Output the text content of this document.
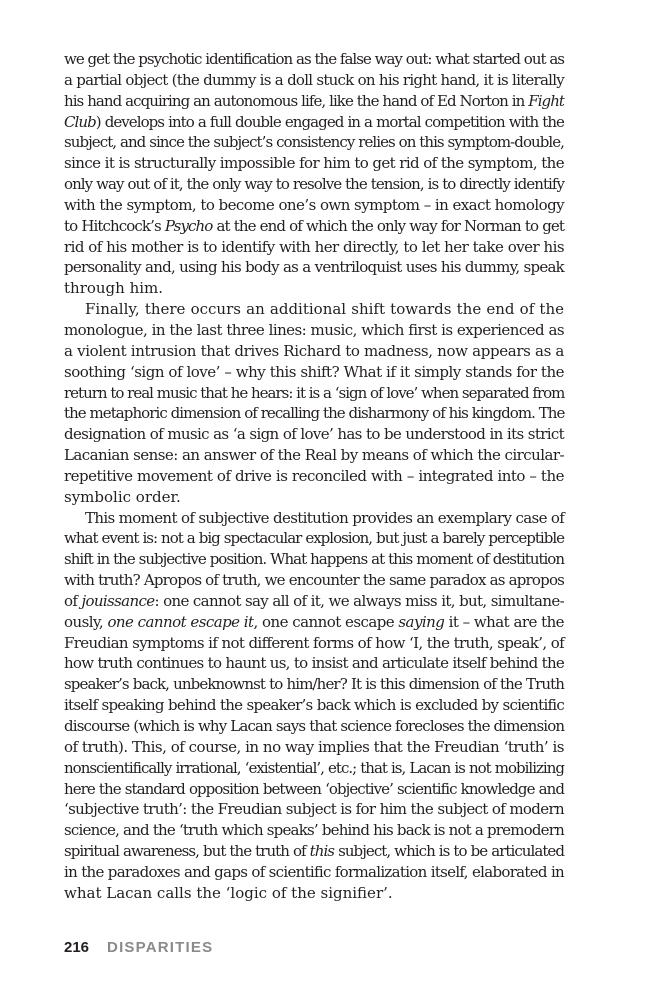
we get the psychotic identification as the false way out: what started out as
a partial object (the dummy is a doll stuck on his right hand, it is literally
his hand acquiring an autonomous life, like the hand of Ed Norton in Fight
Club) develops into a full double engaged in a mortal competition with the
subject, and since the subject’s consistency relies on this symptom-double,
since it is structurally impossible for him to get rid of the symptom, the
only way out of it, the only way to resolve the tension, is to directly identify
with the symptom, to become one’s own symptom – in exact homology
to Hitchcock’s Psycho at the end of which the only way for Norman to get
rid of his mother is to identify with her directly, to let her take over his
personality and, using his body as a ventriloquist uses his dummy, speak
through him.
Finally, there occurs an additional shift towards the end of the
monologue, in the last three lines: music, which first is experienced as
a violent intrusion that drives Richard to madness, now appears as a
soothing ‘sign of love’ – why this shift? What if it simply stands for the
return to real music that he hears: it is a ‘sign of love’ when separated from
the metaphoric dimension of recalling the disharmony of his kingdom. The
designation of music as ‘a sign of love’ has to be understood in its strict
Lacanian sense: an answer of the Real by means of which the circular-
repetitive movement of drive is reconciled with – integrated into – the
symbolic order.
This moment of subjective destitution provides an exemplary case of
what event is: not a big spectacular explosion, but just a barely perceptible
shift in the subjective position. What happens at this moment of destitution
with truth? Apropos of truth, we encounter the same paradox as apropos
of jouissance: one cannot say all of it, we always miss it, but, simultane-
ously, one cannot escape it, one cannot escape saying it – what are the
Freudian symptoms if not different forms of how ‘I, the truth, speak’, of
how truth continues to haunt us, to insist and articulate itself behind the
speaker’s back, unbeknownst to him/her? It is this dimension of the Truth
itself speaking behind the speaker’s back which is excluded by scientific
discourse (which is why Lacan says that science forecloses the dimension
of truth). This, of course, in no way implies that the Freudian ‘truth’ is
nonscientifically irrational, ‘existential’, etc.; that is, Lacan is not mobilizing
here the standard opposition between ‘objective’ scientific knowledge and
‘subjective truth’: the Freudian subject is for him the subject of modern
science, and the ‘truth which speaks’ behind his back is not a premodern
spiritual awareness, but the truth of this subject, which is to be articulated
in the paradoxes and gaps of scientific formalization itself, elaborated in
what Lacan calls the ‘logic of the signifier’.
216 DISPARITIES
